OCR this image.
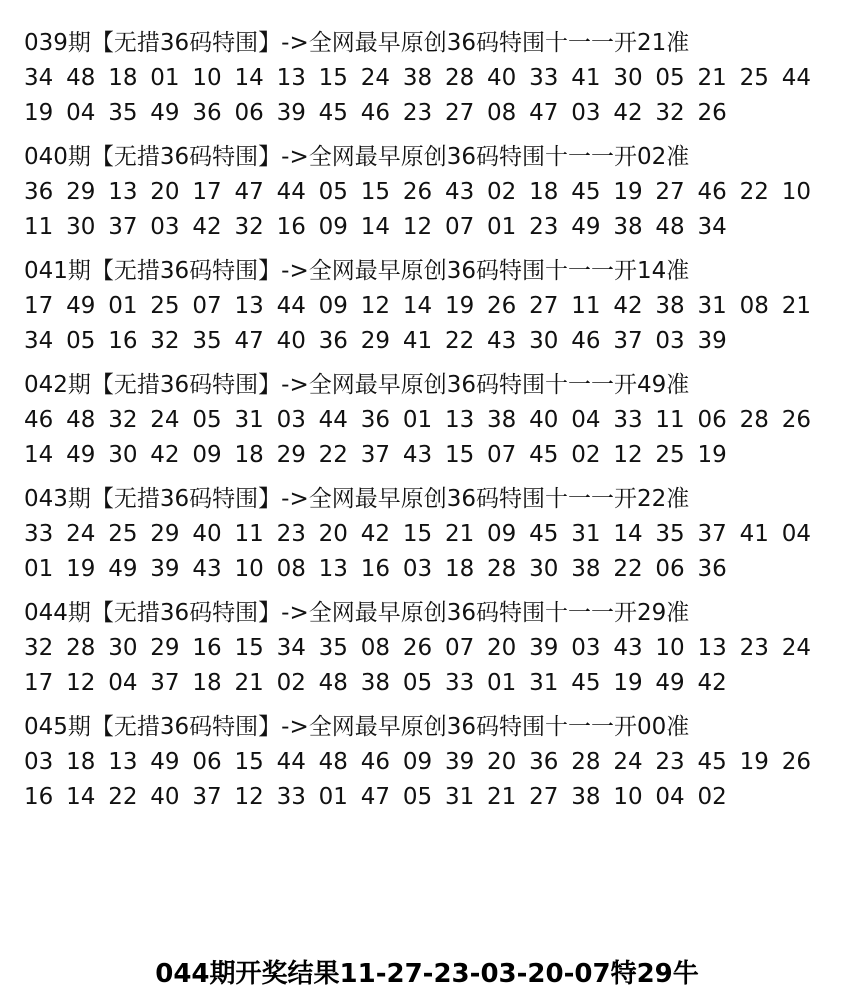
039期【无措36码特围】->全网最早原创36码特围十一一开21准
34 48 18 01 10 14 13 15 24 38 28 40 33 41 30 05 21 25 44
19 04 35 49 36 06 39 45 46 23 27 08 47 03 42 32 26
040期【无措36码特围】->全网最早原创36码特围十一一开02准
36 29 13 20 17 47 44 05 15 26 43 02 18 45 19 27 46 22 10
11 30 37 03 42 32 16 09 14 12 07 01 23 49 38 48 34
041期【无措36码特围】->全网最早原创36码特围十一一开14准
17 49 01 25 07 13 44 09 12 14 19 26 27 11 42 38 31 08 21
34 05 16 32 35 47 40 36 29 41 22 43 30 46 37 03 39
042期【无措36码特围】->全网最早原创36码特围十一一开49准
46 48 32 24 05 31 03 44 36 01 13 38 40 04 33 11 06 28 26
14 49 30 42 09 18 29 22 37 43 15 07 45 02 12 25 19
043期【无措36码特围】->全网最早原创36码特围十一一开22准
33 24 25 29 40 11 23 20 42 15 21 09 45 31 14 35 37 41 04
01 19 49 39 43 10 08 13 16 03 18 28 30 38 22 06 36
044期【无措36码特围】->全网最早原创36码特围十一一开29准
32 28 30 29 16 15 34 35 08 26 07 20 39 03 43 10 13 23 24
17 12 04 37 18 21 02 48 38 05 33 01 31 45 19 49 42
045期【无措36码特围】->全网最早原创36码特围十一一开00准
03 18 13 49 06 15 44 48 46 09 39 20 36 28 24 23 45 19 26
16 14 22 40 37 12 33 01 47 05 31 21 27 38 10 04 02
044期开奖结果11-27-23-03-20-07特29牛
